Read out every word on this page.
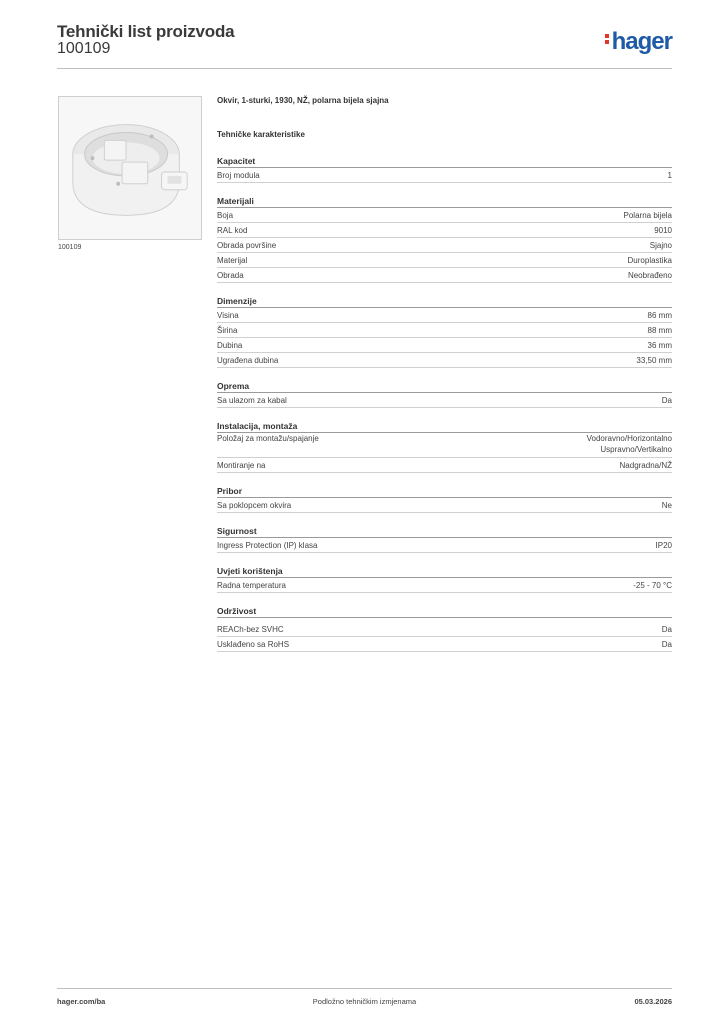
Tehnički list proizvoda
100109	hager
100109
Okvir, 1-sturki, 1930, NŽ, polarna bijela sjajna
Tehničke karakteristike
Kapacitet
Broj modula	1
Materijali
Boja	Polarna bijela
RAL kod	9010
Obrada površine	Sjajno
Materijal	Duroplastika
Obrada	Neobrađeno
Dimenzije
Visina	86 mm
Širina	88 mm
Dubina	36 mm
Ugrađena dubina	33,50 mm
Oprema
Sa ulazom za kabal	Da
Instalacija, montaža
Položaj za montažu/spajanje	Vodoravno/Horizontalno
Uspravno/Vertikalno
Montiranje na	Nadgradna/NŽ
Pribor
Sa poklopcem okvira	Ne
Sigurnost
Ingress Protection (IP) klasa	IP20
Uvjeti korištenja
Radna temperatura	-25 - 70 °C
Održivost
REACh-bez SVHC	Da
Usklađeno sa RoHS	Da
hager.com/ba	Podložno tehničkim izmjenama	05.03.2026
